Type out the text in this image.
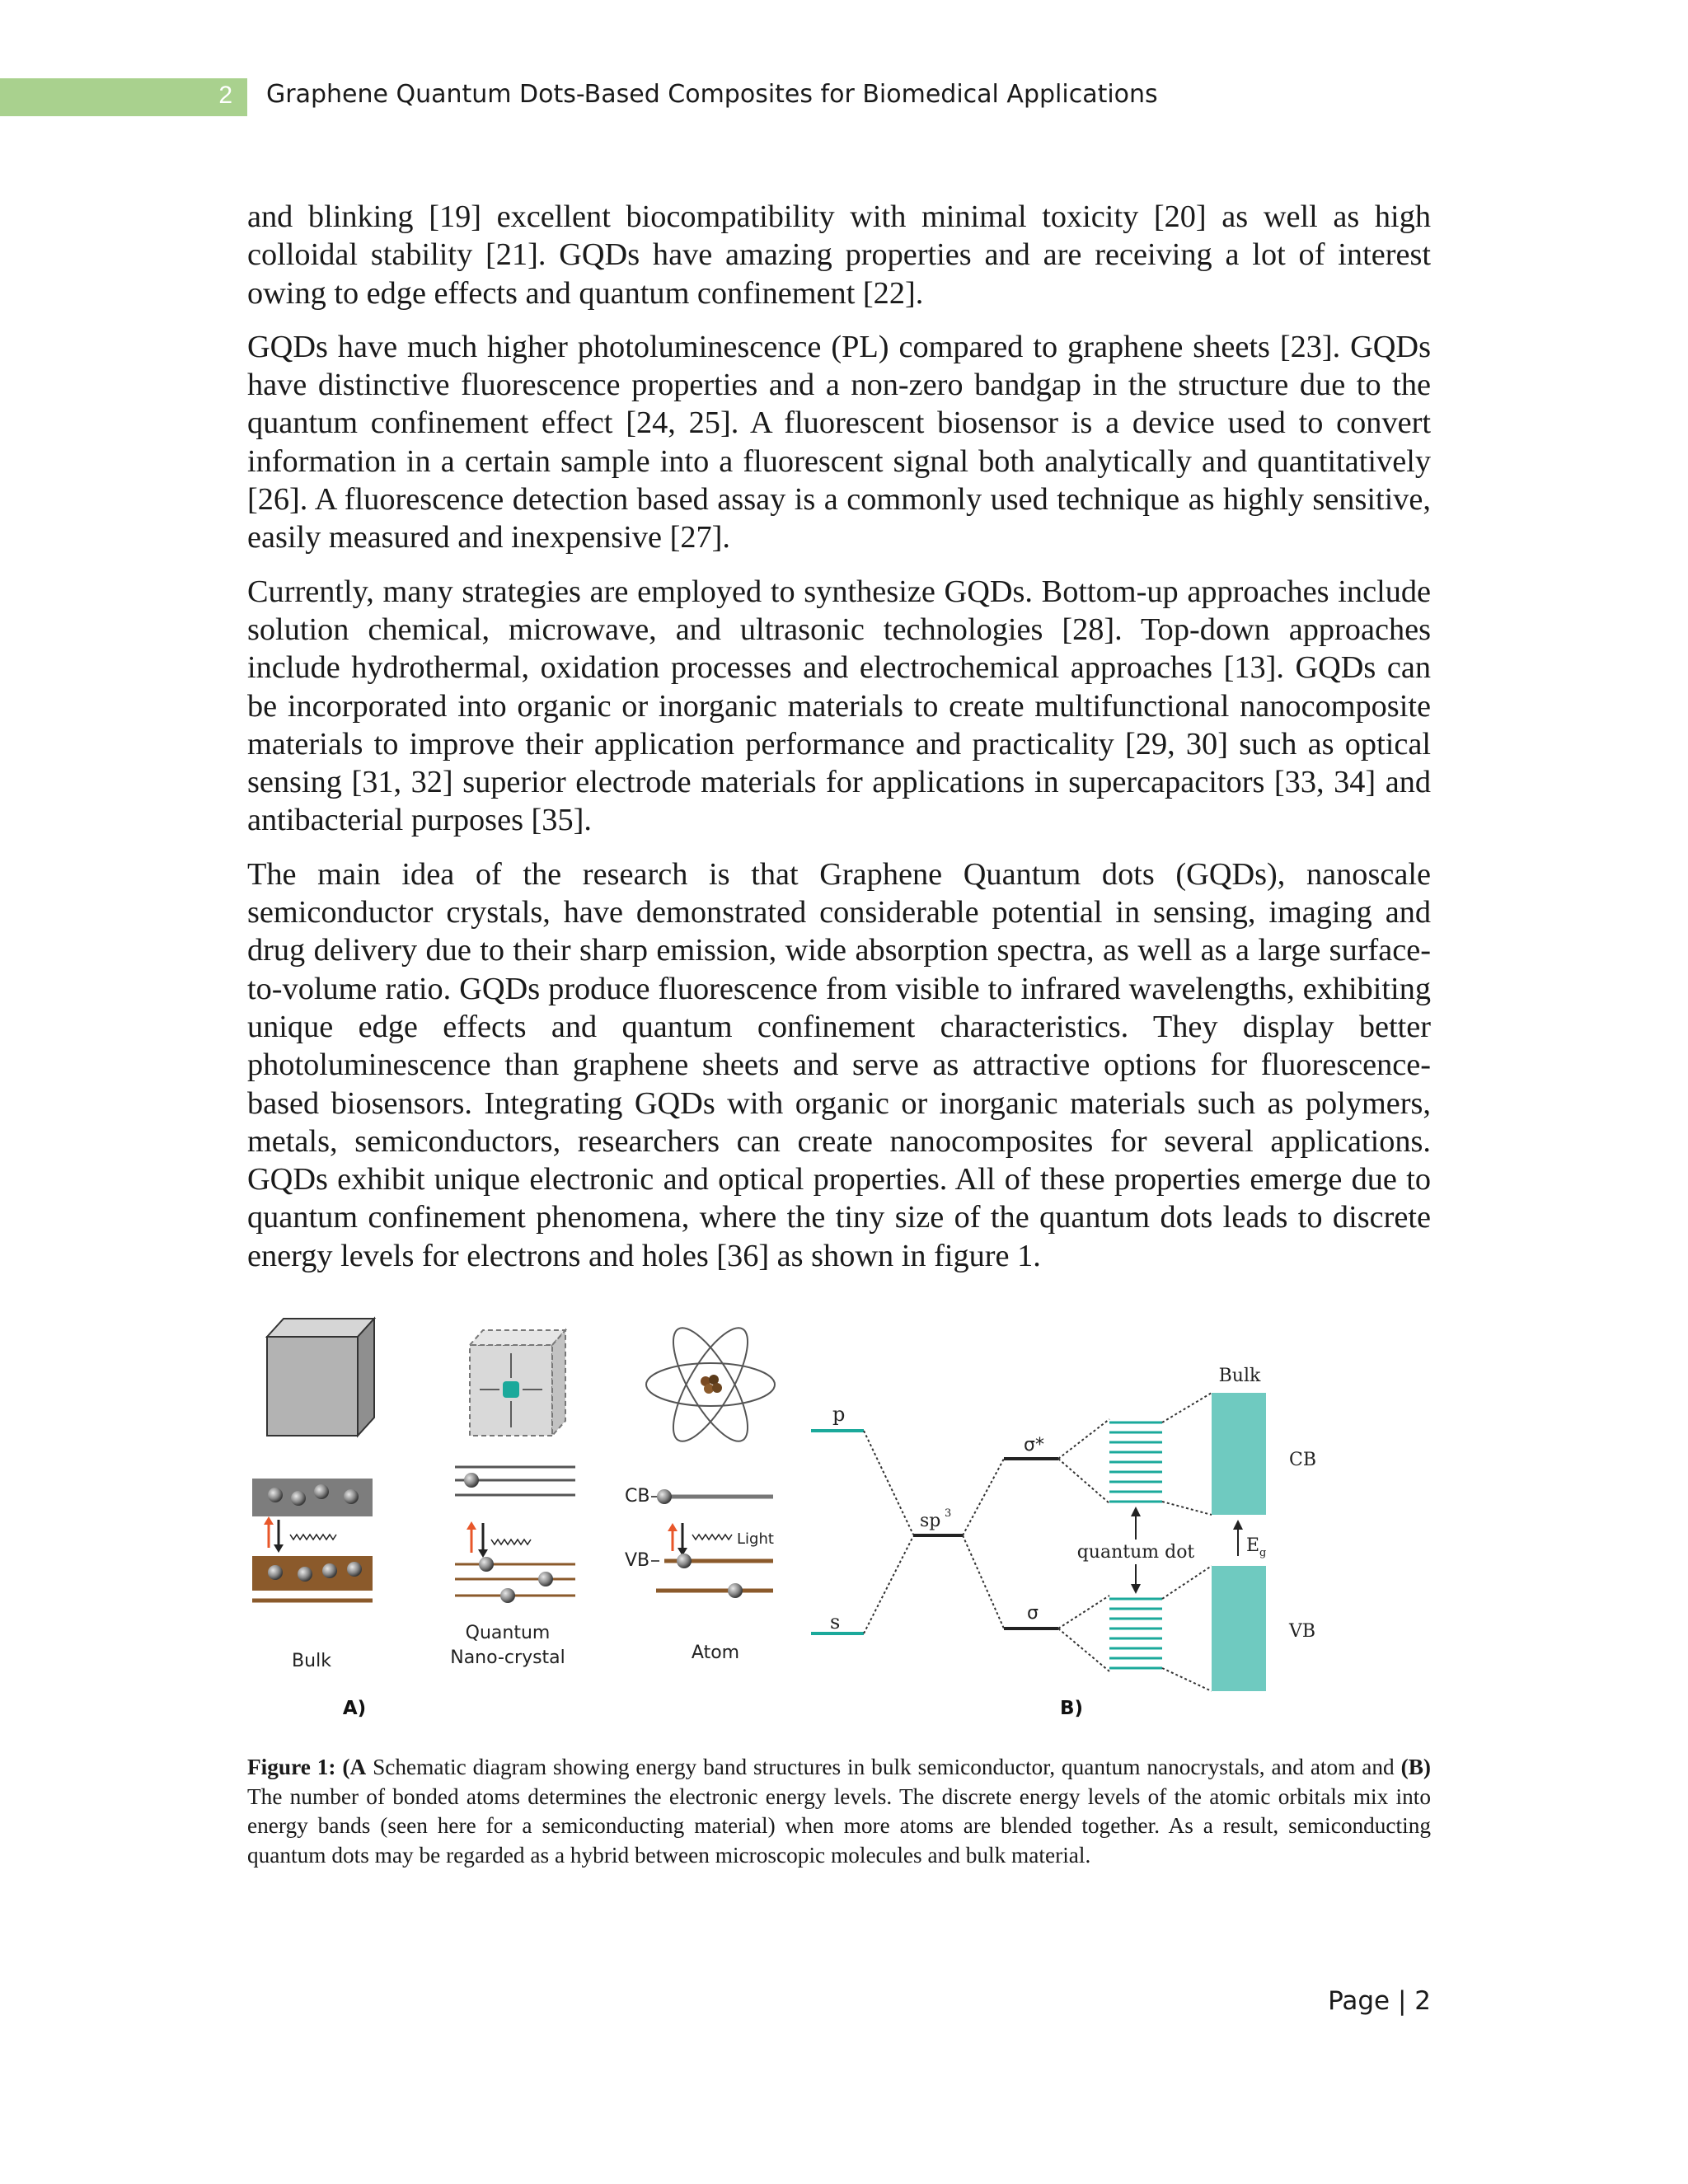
2 Graphene Quantum Dots-Based Composites for Biomedical Applications

and blinking [19] excellent biocompatibility with minimal toxicity [20] as well as high colloidal stability [21]. GQDs have amazing properties and are receiving a lot of interest owing to edge effects and quantum confinement [22].

GQDs have much higher photoluminescence (PL) compared to graphene sheets [23]. GQDs have distinctive fluorescence properties and a non-zero bandgap in the structure due to the quantum confinement effect [24, 25]. A fluorescent biosensor is a device used to convert information in a certain sample into a fluorescent signal both analytically and quantitatively [26]. A fluorescence detection based assay is a commonly used technique as highly sensitive, easily measured and inexpensive [27].

Currently, many strategies are employed to synthesize GQDs. Bottom-up approaches include solution chemical, microwave, and ultrasonic technologies [28]. Top-down approaches include hydrothermal, oxidation processes and electrochemical approaches [13]. GQDs can be incorporated into organic or inorganic materials to create multifunctional nanocomposite materials to improve their application performance and practicality [29, 30] such as optical sensing [31, 32] superior electrode materials for applications in supercapacitors [33, 34] and antibacterial purposes [35].

The main idea of the research is that Graphene Quantum dots (GQDs), nanoscale semiconductor crystals, have demonstrated considerable potential in sensing, imaging and drug delivery due to their sharp emission, wide absorption spectra, as well as a large surface-to-volume ratio. GQDs produce fluorescence from visible to infrared wavelengths, exhibiting unique edge effects and quantum confinement characteristics. They display better photoluminescence than graphene sheets and serve as attractive options for fluorescence-based biosensors. Integrating GQDs with organic or inorganic materials such as polymers, metals, semiconductors, researchers can create nanocomposites for several applications. GQDs exhibit unique electronic and optical properties. All of these properties emerge due to quantum confinement phenomena, where the tiny size of the quantum dots leads to discrete energy levels for electrons and holes [36] as shown in figure 1.

CB
Light
VB
Bulk
Quantum
Nano-crystal	Atom
A)
p
s
sp 3
σ*
σ
quantum dot
Bulk
CB
VB
E g
B)
Figure 1: (A Schematic diagram showing energy band structures in bulk semiconductor, quantum nanocrystals, and atom and (B) The number of bonded atoms determines the electronic energy levels. The discrete energy levels of the atomic orbitals mix into energy bands (seen here for a semiconducting material) when more atoms are blended together. As a result, semiconducting quantum dots may be regarded as a hybrid between microscopic molecules and bulk material.
Page | 2
